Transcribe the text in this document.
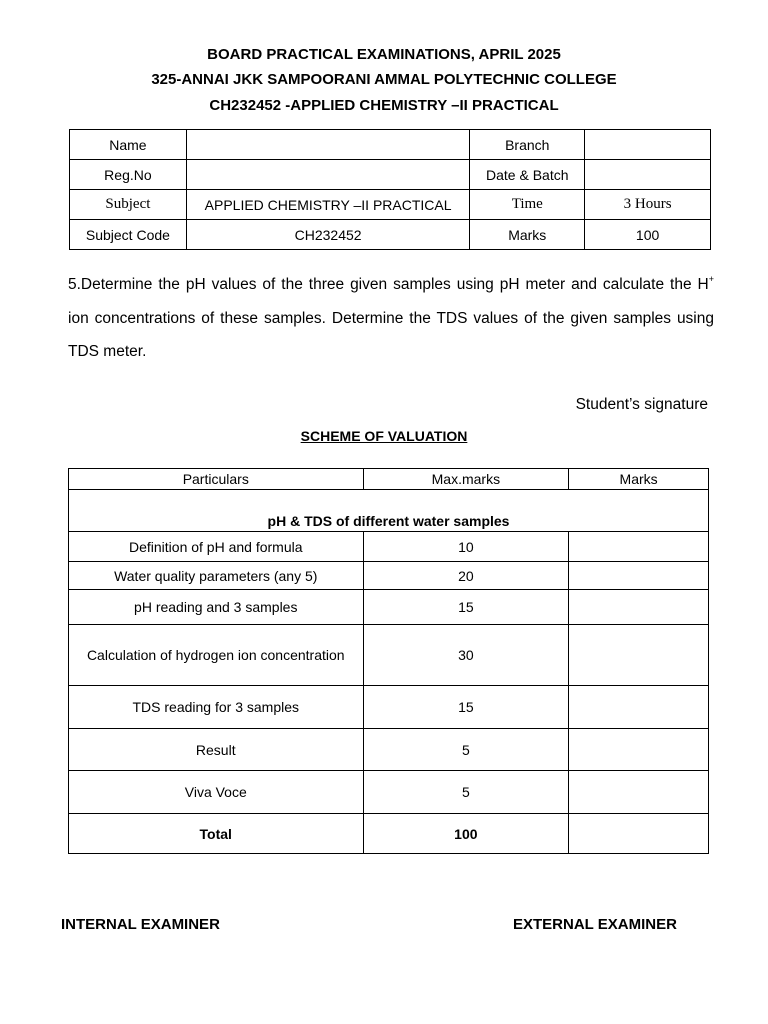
BOARD PRACTICAL EXAMINATIONS, APRIL 2025
325-ANNAI JKK SAMPOORANI AMMAL POLYTECHNIC COLLEGE
CH232452 -APPLIED CHEMISTRY –II PRACTICAL
Name		Branch	
Reg.No		Date & Batch	
Subject	APPLIED CHEMISTRY –II PRACTICAL	Time	3 Hours
Subject Code	CH232452	Marks	100
5.Determine the pH values of the three given samples using pH meter and calculate the H+ ion concentrations of these samples. Determine the TDS values of the given samples using TDS meter.
Student’s signature
SCHEME OF VALUATION
Particulars	Max.marks	Marks
pH & TDS of different water samples		
Definition of pH and formula	10	
Water quality parameters (any 5)	20	
pH reading and 3 samples	15	
Calculation of hydrogen ion concentration	30	
TDS reading for 3 samples	15	
Result	5	
Viva Voce	5	
Total	100	
INTERNAL EXAMINER	EXTERNAL EXAMINER
